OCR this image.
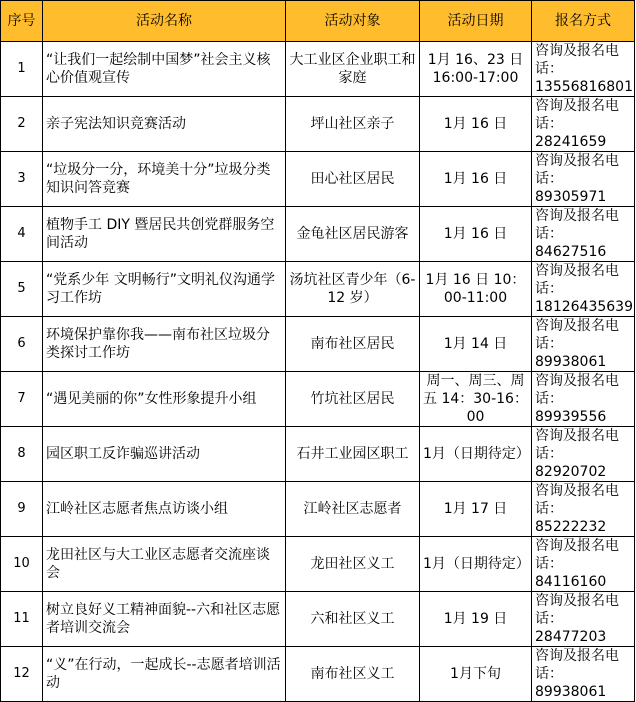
序号	活动名称	活动对象	活动日期	报名方式
1	“让我们一起绘制中国梦”社会主义核心价值观宣传	大工业区企业职工和家庭	1月 16、23 日 16:00-17:00	咨询及报名电话：13556816801
2	亲子宪法知识竞赛活动	坪山社区亲子	1月 16 日	咨询及报名电话：28241659
3	“垃圾分一分，环境美十分”垃圾分类知识问答竞赛	田心社区居民	1月 16 日	咨询及报名电话：89305971
4	植物手工 DIY 暨居民共创党群服务空间活动	金龟社区居民游客	1月 16 日	咨询及报名电话：84627516
5	“党系少年 文明畅行”文明礼仪沟通学习工作坊	汤坑社区青少年（6-12 岁）	1月 16 日 10：00-11:00	咨询及报名电话：18126435639
6	环境保护靠你我——南布社区垃圾分类探讨工作坊	南布社区居民	1月 14 日	咨询及报名电话：89938061
7	“遇见美丽的你”女性形象提升小组	竹坑社区居民	周一、周三、周五 14：30-16：00	咨询及报名电话：89939556
8	园区职工反诈骗巡讲活动	石井工业园区职工	1月（日期待定）	咨询及报名电话：82920702
9	江岭社区志愿者焦点访谈小组	江岭社区志愿者	1月 17 日	咨询及报名电话：85222232
10	龙田社区与大工业区志愿者交流座谈会	龙田社区义工	1月（日期待定）	咨询及报名电话：84116160
11	树立良好义工精神面貌--六和社区志愿者培训交流会	六和社区义工	1月 19 日	咨询及报名电话：28477203
12	“义”在行动，一起成长--志愿者培训活动	南布社区义工	1月下旬	咨询及报名电话：89938061
